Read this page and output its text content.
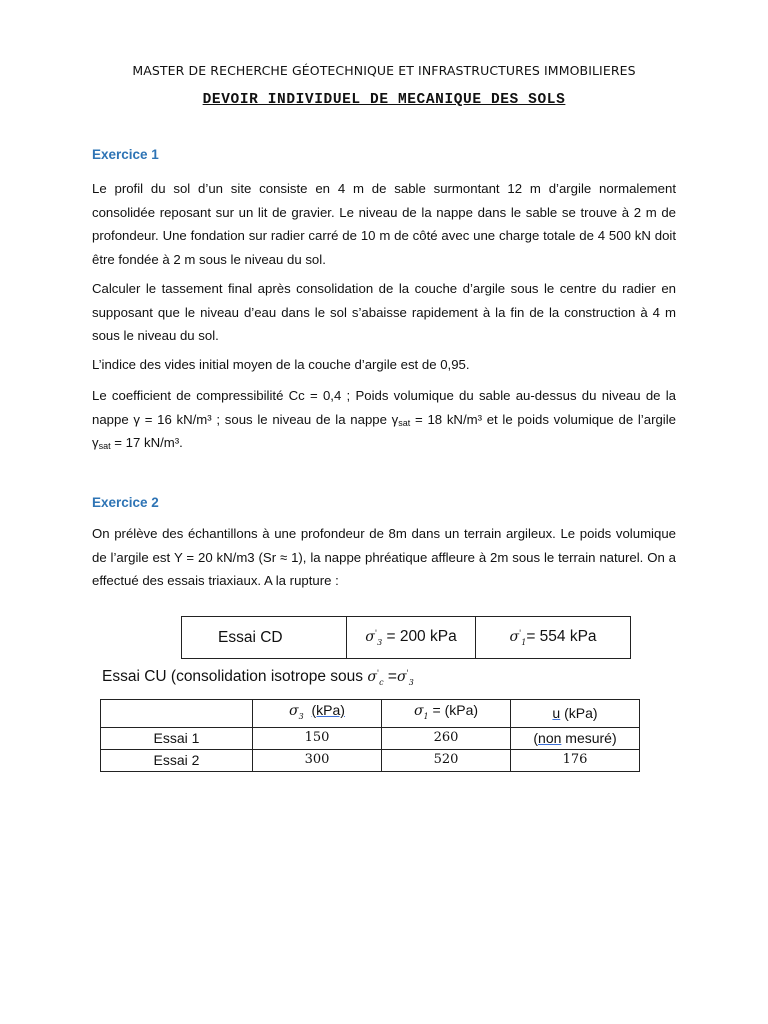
MASTER DE RECHERCHE GÉOTECHNIQUE ET INFRASTRUCTURES IMMOBILIERES
DEVOIR INDIVIDUEL DE MECANIQUE DES SOLS
Exercice 1
Le profil du sol d’un site consiste en 4 m de sable surmontant 12 m d’argile normalement consolidée reposant sur un lit de gravier. Le niveau de la nappe dans le sable se trouve à 2 m de profondeur. Une fondation sur radier carré de 10 m de côté avec une charge totale de 4 500 kN doit être fondée à 2 m sous le niveau du sol.
Calculer le tassement final après consolidation de la couche d’argile sous le centre du radier en supposant que le niveau d’eau dans le sol s’abaisse rapidement à la fin de la construction à 4 m sous le niveau du sol.
L’indice des vides initial moyen de la couche d’argile est de 0,95.
Le coefficient de compressibilité Cc = 0,4 ; Poids volumique du sable au-dessus du niveau de la nappe γ = 16 kN/m³ ; sous le niveau de la nappe $\gamma_{sat} = 18$ kN/m³ et le poids volumique de l’argile $\gamma_{sat} = 17$ kN/m³.
Exercice 2
On prélève des échantillons à une profondeur de 8m dans un terrain argileux. Le poids volumique de l’argile est Υ = 20 kN/m3 (Sr ≈ 1), la nappe phréatique affleure à 2m sous le terrain naturel. On a effectué des essais triaxiaux. A la rupture :
Essai CD	$\sigma'_3 = 200$ kPa	$\sigma'_1= 554$ kPa
Essai CU (consolidation isotrope sous $\sigma'_c =\sigma'_3$
	$\sigma_3$ (kPa)	$\sigma_1 = (kPa)$	u (kPa)
Essai 1	150	260	(non mesuré)
Essai 2	300	520	176
